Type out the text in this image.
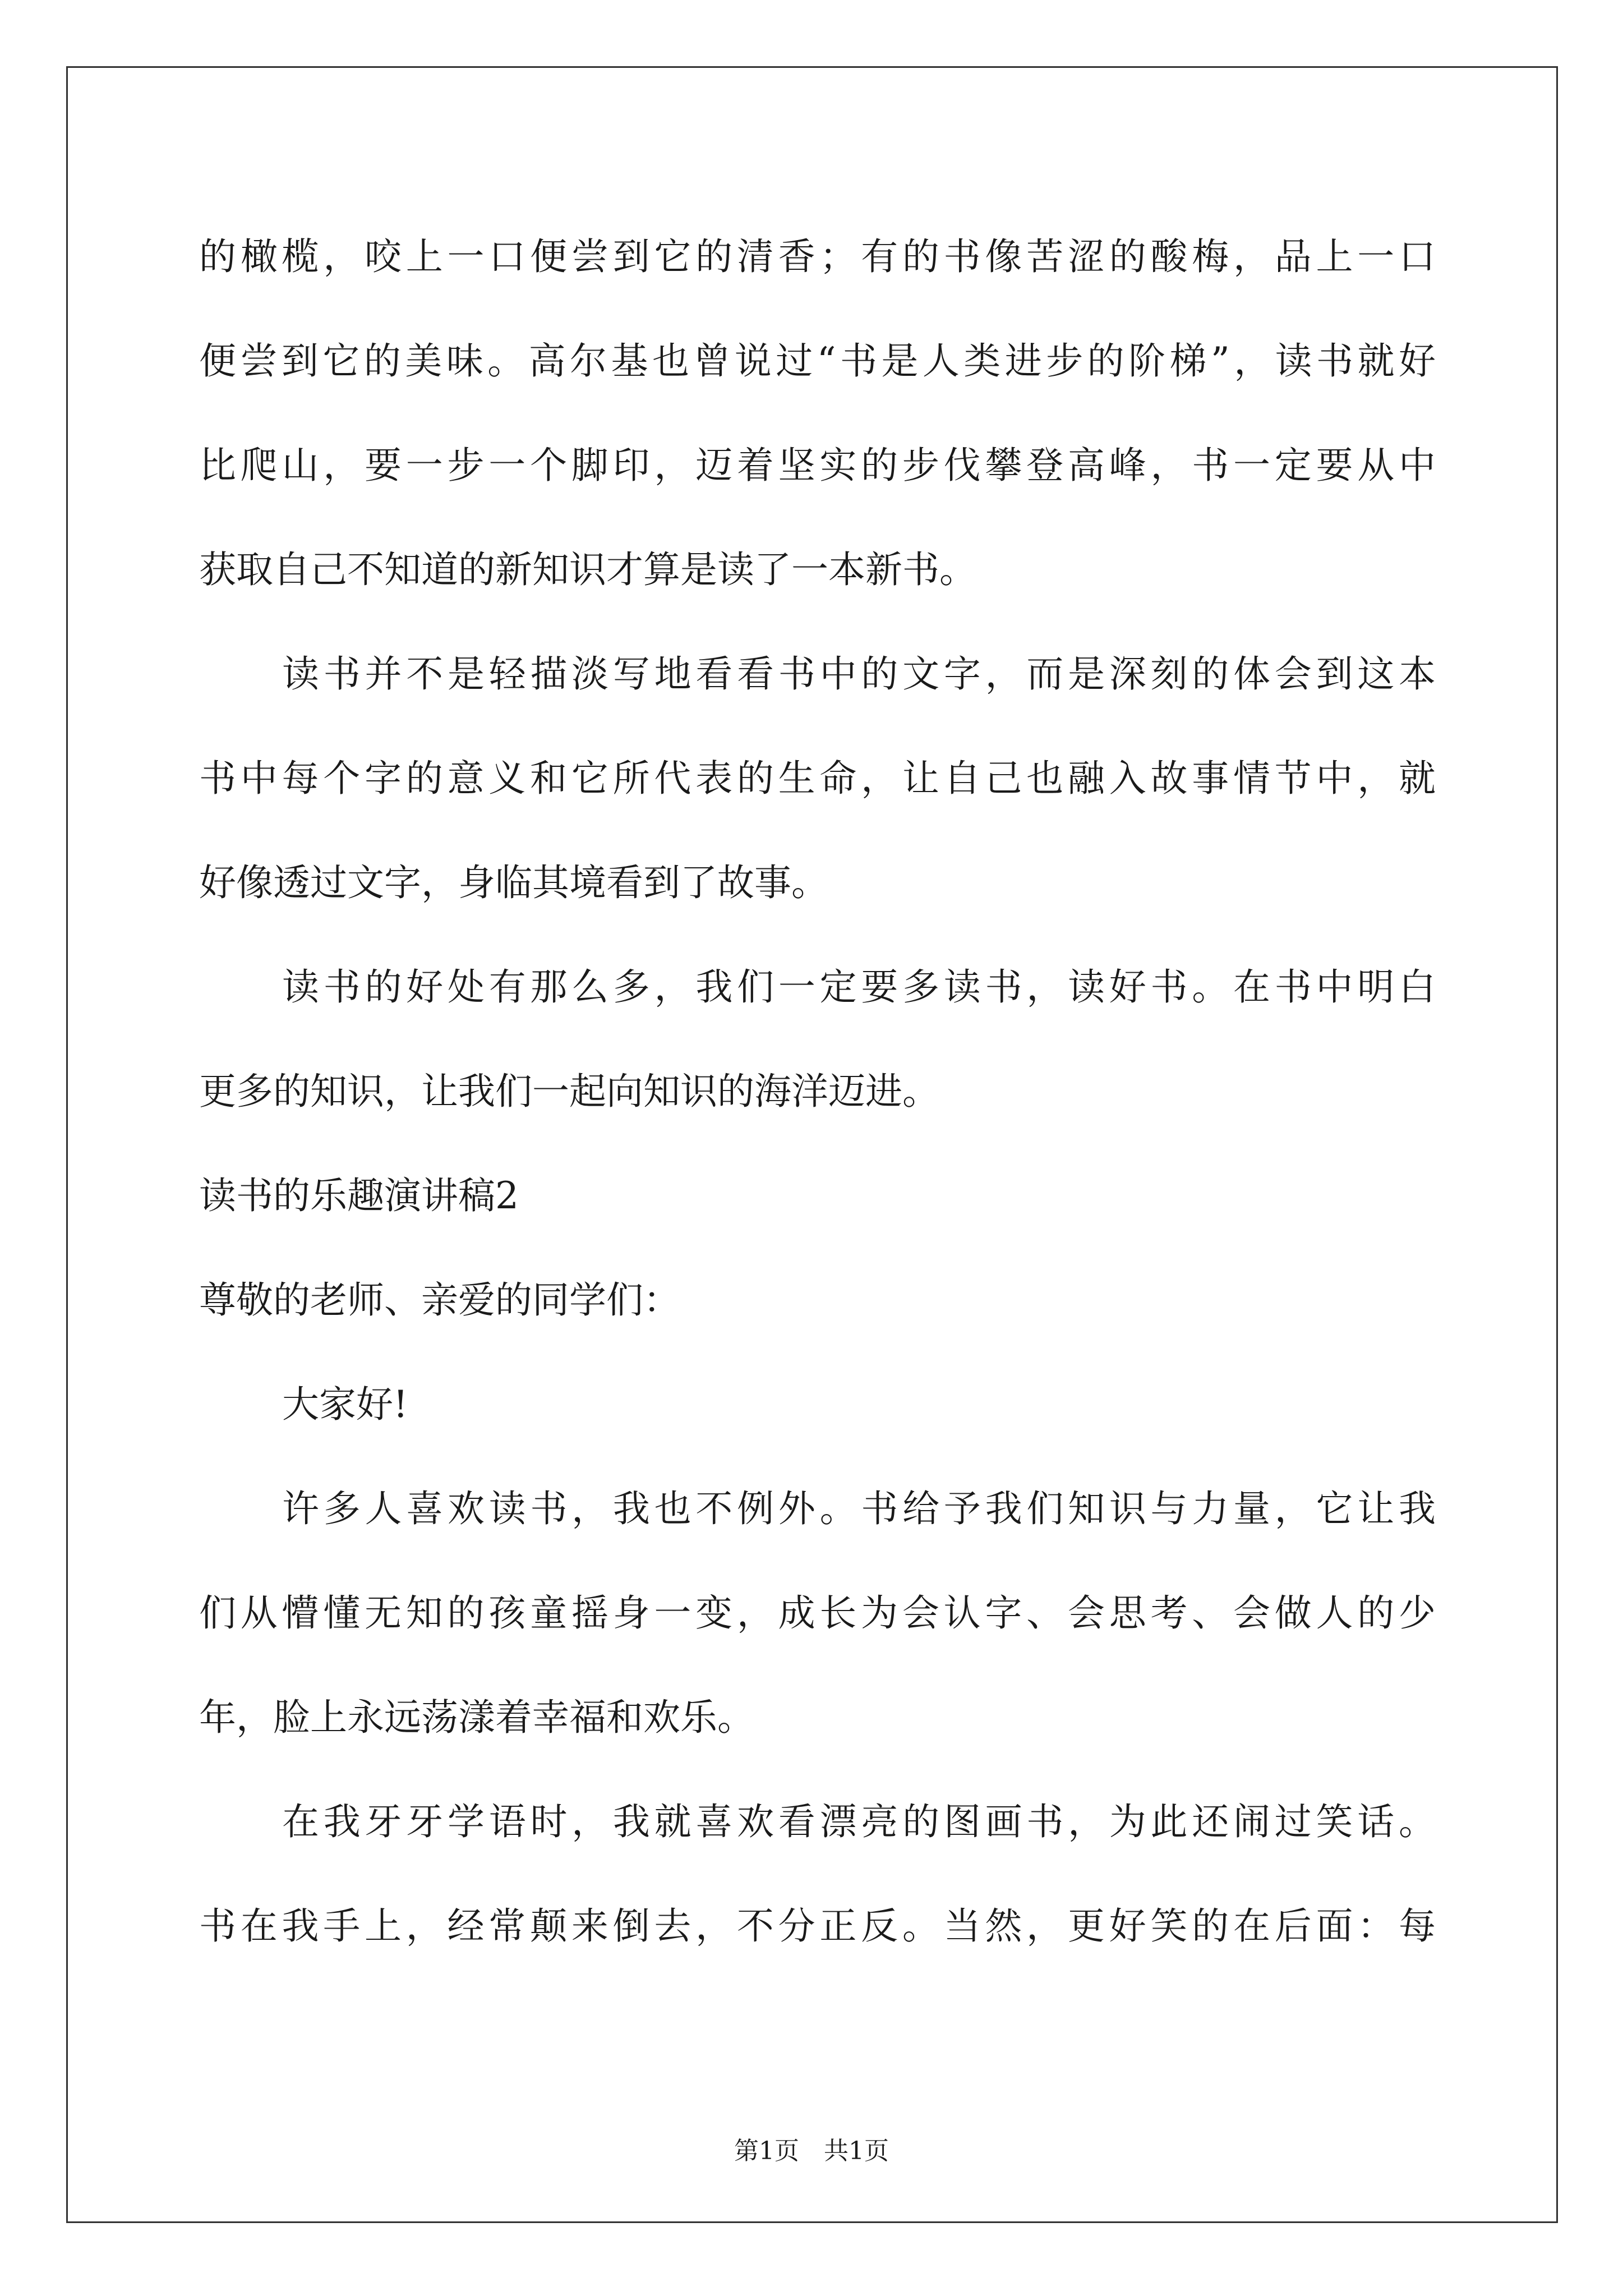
的橄榄，咬上一口便尝到它的清香；有的书像苦涩的酸梅，品上一口
便尝到它的美味。高尔基也曾说过“书是人类进步的阶梯”，读书就好
比爬山，要一步一个脚印，迈着坚实的步伐攀登高峰，书一定要从中
获取自己不知道的新知识才算是读了一本新书。
读书并不是轻描淡写地看看书中的文字，而是深刻的体会到这本
书中每个字的意义和它所代表的生命，让自己也融入故事情节中，就
好像透过文字，身临其境看到了故事。
读书的好处有那么多，我们一定要多读书，读好书。在书中明白
更多的知识，让我们一起向知识的海洋迈进。
读书的乐趣演讲稿2
尊敬的老师、亲爱的同学们：
大家好!
许多人喜欢读书，我也不例外。书给予我们知识与力量，它让我
们从懵懂无知的孩童摇身一变，成长为会认字、会思考、会做人的少
年，脸上永远荡漾着幸福和欢乐。
在我牙牙学语时，我就喜欢看漂亮的图画书，为此还闹过笑话。
书在我手上，经常颠来倒去，不分正反。当然，更好笑的在后面：每
第1页　共1页
